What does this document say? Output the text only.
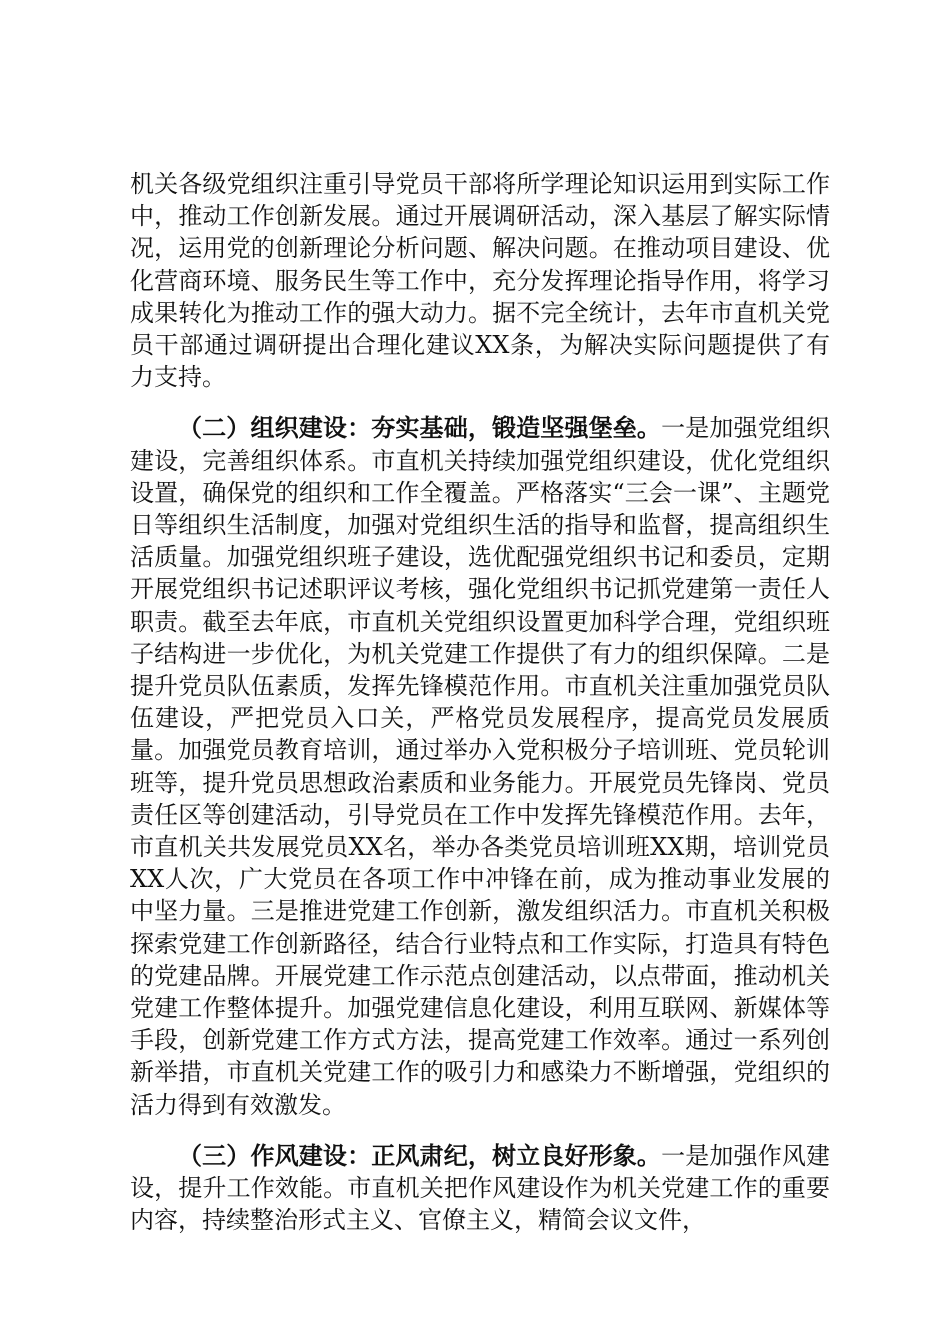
机关各级党组织注重引导党员干部将所学理论知识运用到实际工作中，推动工作创新发展。通过开展调研活动，深入基层了解实际情况，运用党的创新理论分析问题、解决问题。在推动项目建设、优化营商环境、服务民生等工作中，充分发挥理论指导作用，将学习成果转化为推动工作的强大动力。据不完全统计，去年市直机关党员干部通过调研提出合理化建议XX条，为解决实际问题提供了有力支持。

（二）组织建设：夯实基础，锻造坚强堡垒。一是加强党组织建设，完善组织体系。市直机关持续加强党组织建设，优化党组织设置，确保党的组织和工作全覆盖。严格落实“三会一课”、主题党日等组织生活制度，加强对党组织生活的指导和监督，提高组织生活质量。加强党组织班子建设，选优配强党组织书记和委员，定期开展党组织书记述职评议考核，强化党组织书记抓党建第一责任人职责。截至去年底，市直机关党组织设置更加科学合理，党组织班子结构进一步优化，为机关党建工作提供了有力的组织保障。二是提升党员队伍素质，发挥先锋模范作用。市直机关注重加强党员队伍建设，严把党员入口关，严格党员发展程序，提高党员发展质量。加强党员教育培训，通过举办入党积极分子培训班、党员轮训班等，提升党员思想政治素质和业务能力。开展党员先锋岗、党员责任区等创建活动，引导党员在工作中发挥先锋模范作用。去年，市直机关共发展党员XX名，举办各类党员培训班XX期，培训党员XX人次，广大党员在各项工作中冲锋在前，成为推动事业发展的中坚力量。三是推进党建工作创新，激发组织活力。市直机关积极探索党建工作创新路径，结合行业特点和工作实际，打造具有特色的党建品牌。开展党建工作示范点创建活动，以点带面，推动机关党建工作整体提升。加强党建信息化建设，利用互联网、新媒体等手段，创新党建工作方式方法，提高党建工作效率。通过一系列创新举措，市直机关党建工作的吸引力和感染力不断增强，党组织的活力得到有效激发。

（三）作风建设：正风肃纪，树立良好形象。一是加强作风建设，提升工作效能。市直机关把作风建设作为机关党建工作的重要内容，持续整治形式主义、官僚主义，精简会议文件，
